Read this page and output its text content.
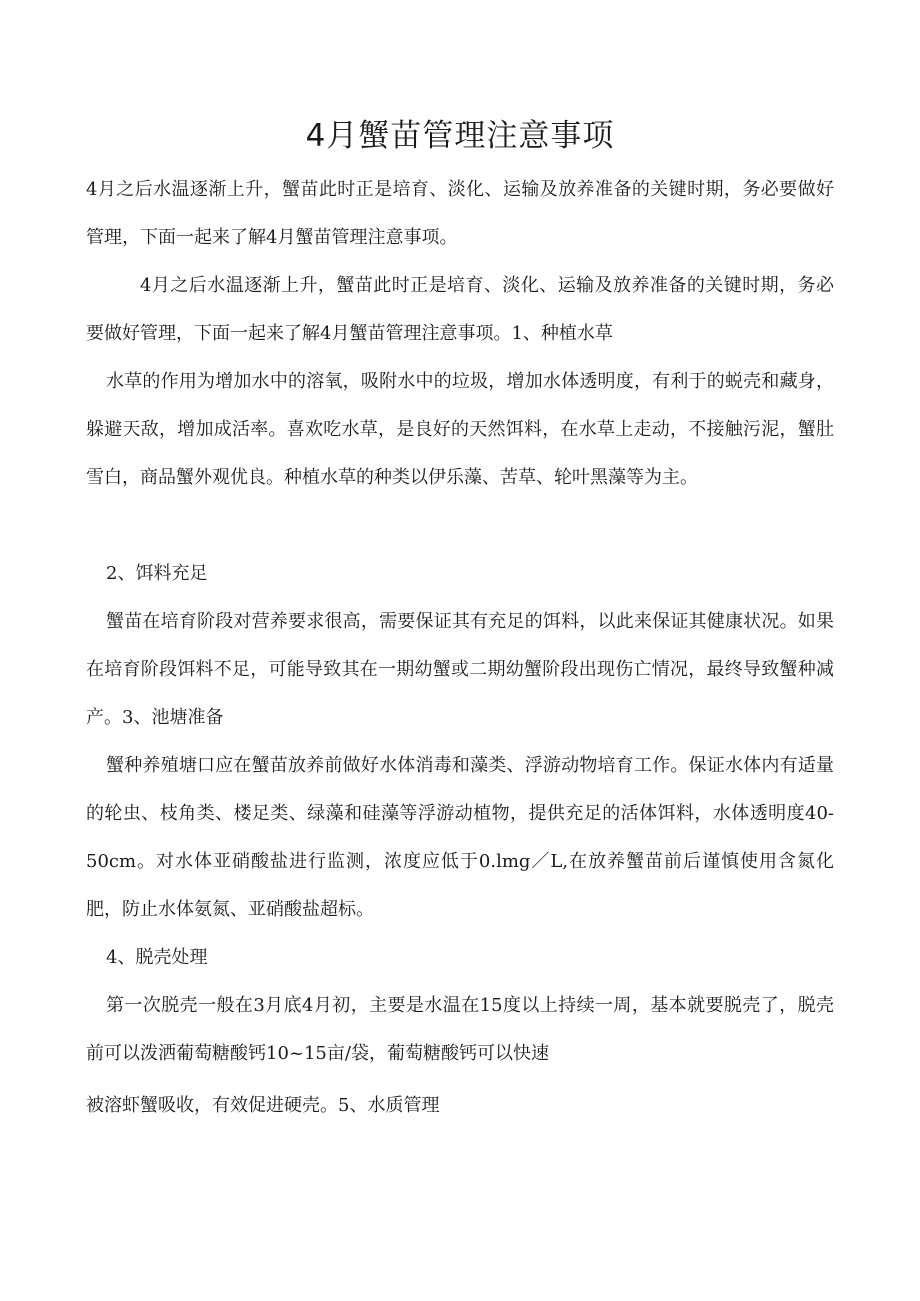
4月蟹苗管理注意事项

4月之后水温逐渐上升，蟹苗此时正是培育、淡化、运输及放养准备的关键时期，务必要做好管理，下面一起来了解4月蟹苗管理注意事项。

4月之后水温逐渐上升，蟹苗此时正是培育、淡化、运输及放养准备的关键时期，务必要做好管理，下面一起来了解4月蟹苗管理注意事项。1、种植水草

水草的作用为增加水中的溶氧，吸附水中的垃圾，增加水体透明度，有利于的蜕壳和藏身，躲避天敌，增加成活率。喜欢吃水草，是良好的天然饵料，在水草上走动，不接触污泥，蟹肚雪白，商品蟹外观优良。种植水草的种类以伊乐藻、苦草、轮叶黑藻等为主。

2、饵料充足

蟹苗在培育阶段对营养要求很高，需要保证其有充足的饵料，以此来保证其健康状况。如果在培育阶段饵料不足，可能导致其在一期幼蟹或二期幼蟹阶段出现伤亡情况，最终导致蟹种减产。3、池塘准备

蟹种养殖塘口应在蟹苗放养前做好水体消毒和藻类、浮游动物培育工作。保证水体内有适量的轮虫、枝角类、楼足类、绿藻和硅藻等浮游动植物，提供充足的活体饵料，水体透明度40-50cm。对水体亚硝酸盐进行监测，浓度应低于0.lmg／L,在放养蟹苗前后谨慎使用含氮化肥，防止水体氨氮、亚硝酸盐超标。

4、脱壳处理

第一次脱壳一般在3月底4月初，主要是水温在15度以上持续一周，基本就要脱壳了，脱壳前可以泼洒葡萄糖酸钙10~15亩/袋，葡萄糖酸钙可以快速

被溶虾蟹吸收，有效促进硬壳。5、水质管理
